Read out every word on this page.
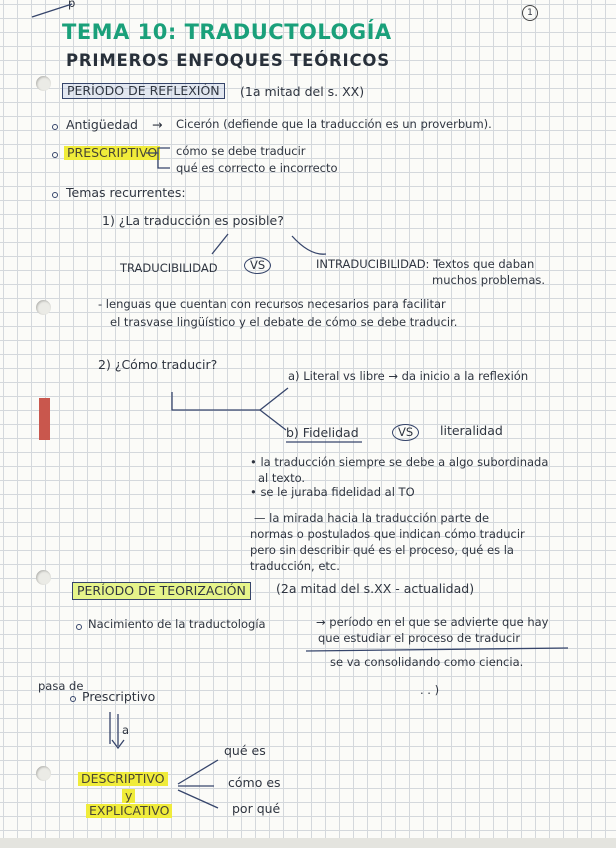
p
1
TEMA 10: TRADUCTOLOGÍA
PRIMEROS ENFOQUES TEÓRICOS
PERÍODO DE REFLEXIÓN	(1a mitad del s. XX)
Antigüedad → Cicerón (defiende que la traducción es un proverbum).
PRESCRIPTIVO cómo se debe traducir
qué es correcto e incorrecto
Temas recurrentes:
1) ¿La traducción es posible?
TRADUCIBILIDAD	VS	INTRADUCIBILIDAD: Textos que daban
muchos problemas.
- lenguas que cuentan con recursos necesarios para facilitar
el trasvase lingüístico y el debate de cómo se debe traducir.
2) ¿Cómo traducir?
a) Literal vs libre → da inicio a la reflexión
b) Fidelidad	VS	literalidad
• la traducción siempre se debe a algo subordinada
al texto.
• se le juraba fidelidad al TO
— la mirada hacia la traducción parte de
normas o postulados que indican cómo traducir
pero sin describir qué es el proceso, qué es la
traducción, etc.
PERÍODO DE TEORIZACIÓN	(2a mitad del s.XX - actualidad)
Nacimiento de la traductología	→ período en el que se advierte que hay
que estudiar el proceso de traducir
se va consolidando como ciencia.
pasa de
Prescriptivo	. . )
a
DESCRIPTIVO
y
EXPLICATIVO
qué es
cómo es
por qué
